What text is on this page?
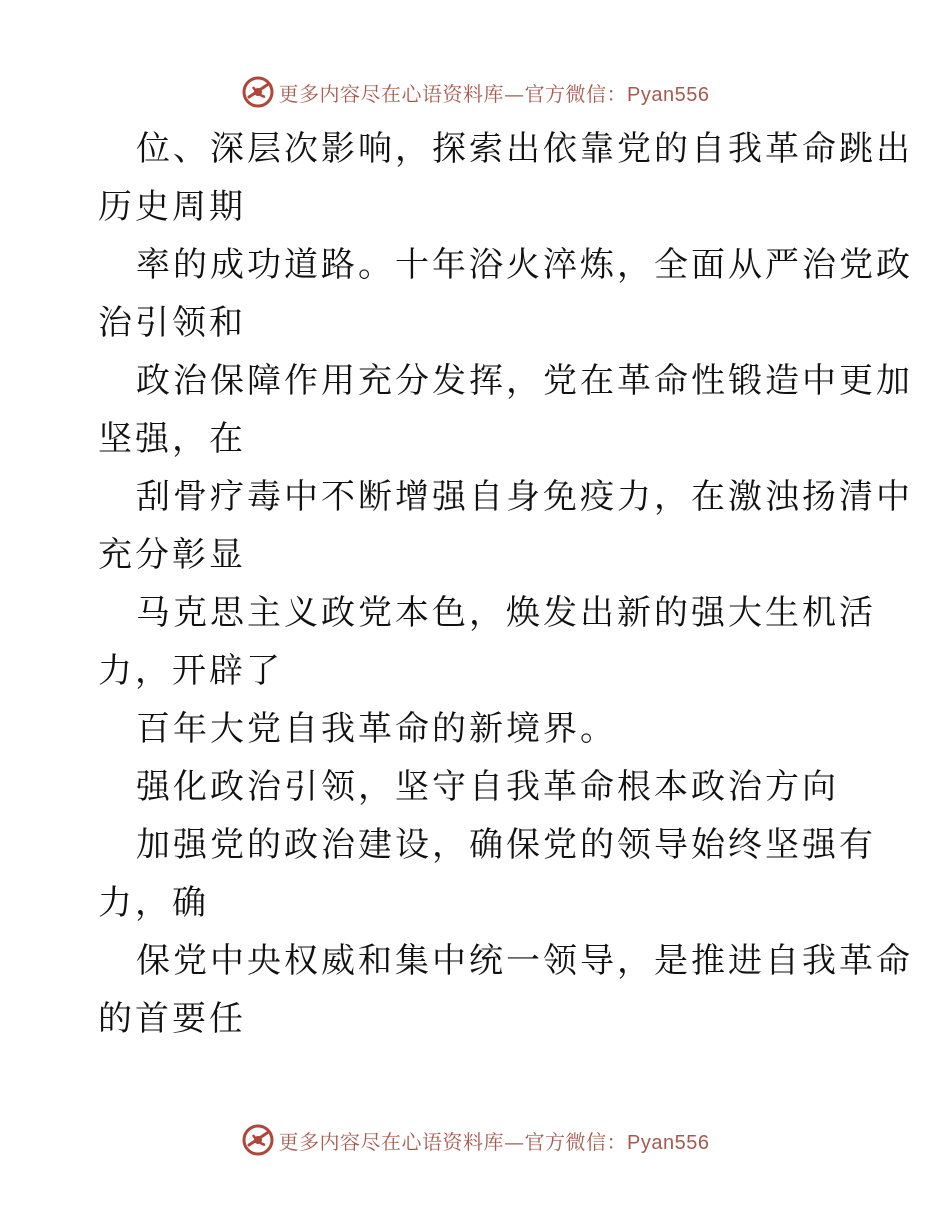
更多内容尽在心语资料库—官方微信：Pyan556
位、深层次影响，探索出依靠党的自我革命跳出
历史周期
率的成功道路。十年浴火淬炼，全面从严治党政
治引领和
政治保障作用充分发挥，党在革命性锻造中更加
坚强，在
刮骨疗毒中不断增强自身免疫力，在激浊扬清中
充分彰显
马克思主义政党本色，焕发出新的强大生机活
力，开辟了
百年大党自我革命的新境界。
强化政治引领，坚守自我革命根本政治方向
加强党的政治建设，确保党的领导始终坚强有
力，确
保党中央权威和集中统一领导，是推进自我革命
的首要任
更多内容尽在心语资料库—官方微信：Pyan556
